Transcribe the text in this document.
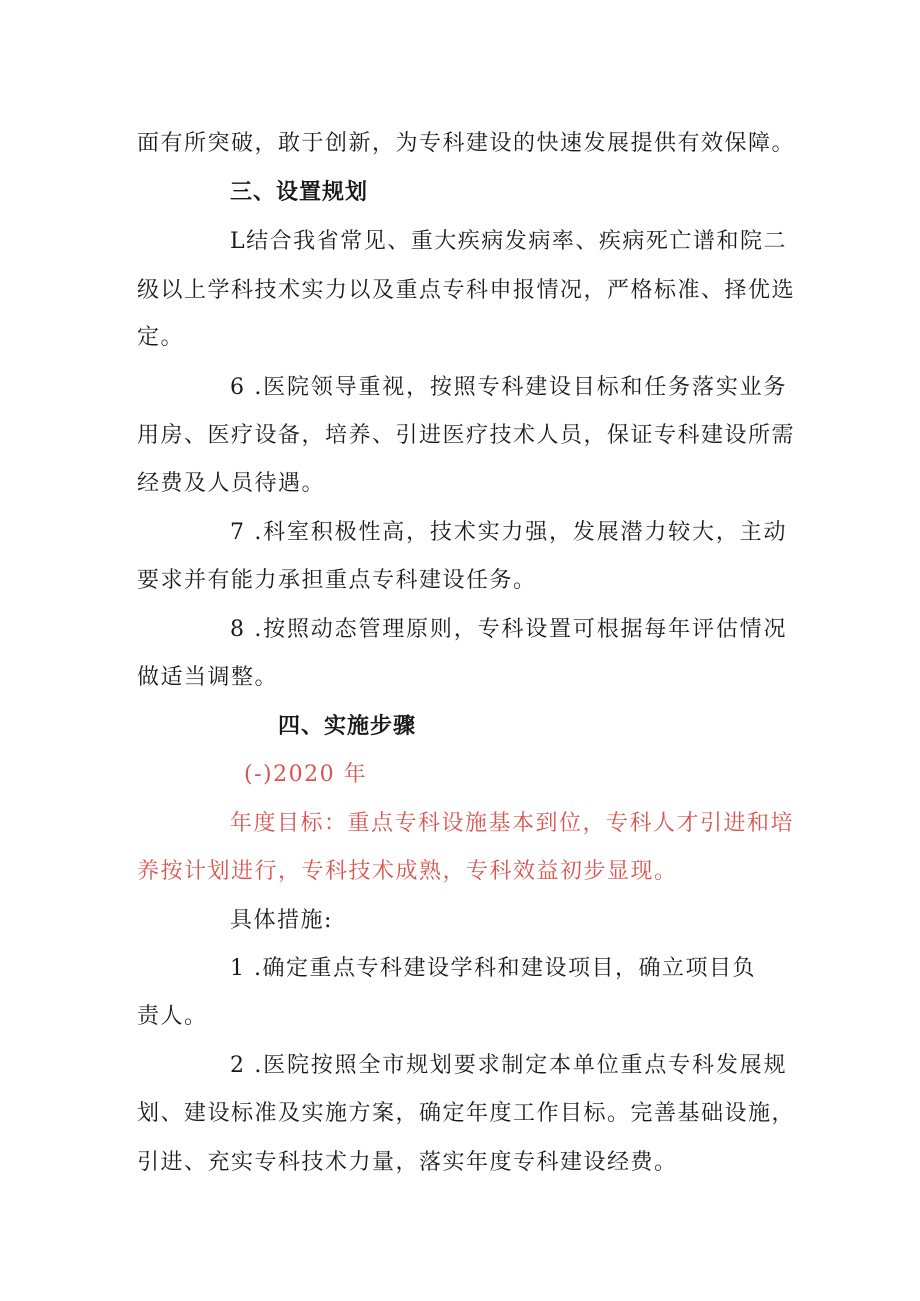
面有所突破，敢于创新，为专科建设的快速发展提供有效保障。
三、设置规划
L结合我省常见、重大疾病发病率、疾病死亡谱和院二
级以上学科技术实力以及重点专科申报情况，严格标准、择优选
定。
6 .医院领导重视，按照专科建设目标和任务落实业务
用房、医疗设备，培养、引进医疗技术人员，保证专科建设所需
经费及人员待遇。
7 .科室积极性高，技术实力强，发展潜力较大，主动
要求并有能力承担重点专科建设任务。
8 .按照动态管理原则，专科设置可根据每年评估情况
做适当调整。
四、实施步骤
(-)2020 年
年度目标：重点专科设施基本到位，专科人才引进和培
养按计划进行，专科技术成熟，专科效益初步显现。
具体措施:
1 .确定重点专科建设学科和建设项目，确立项目负
责人。
2 .医院按照全市规划要求制定本单位重点专科发展规
划、建设标准及实施方案，确定年度工作目标。完善基础设施，
引进、充实专科技术力量，落实年度专科建设经费。
